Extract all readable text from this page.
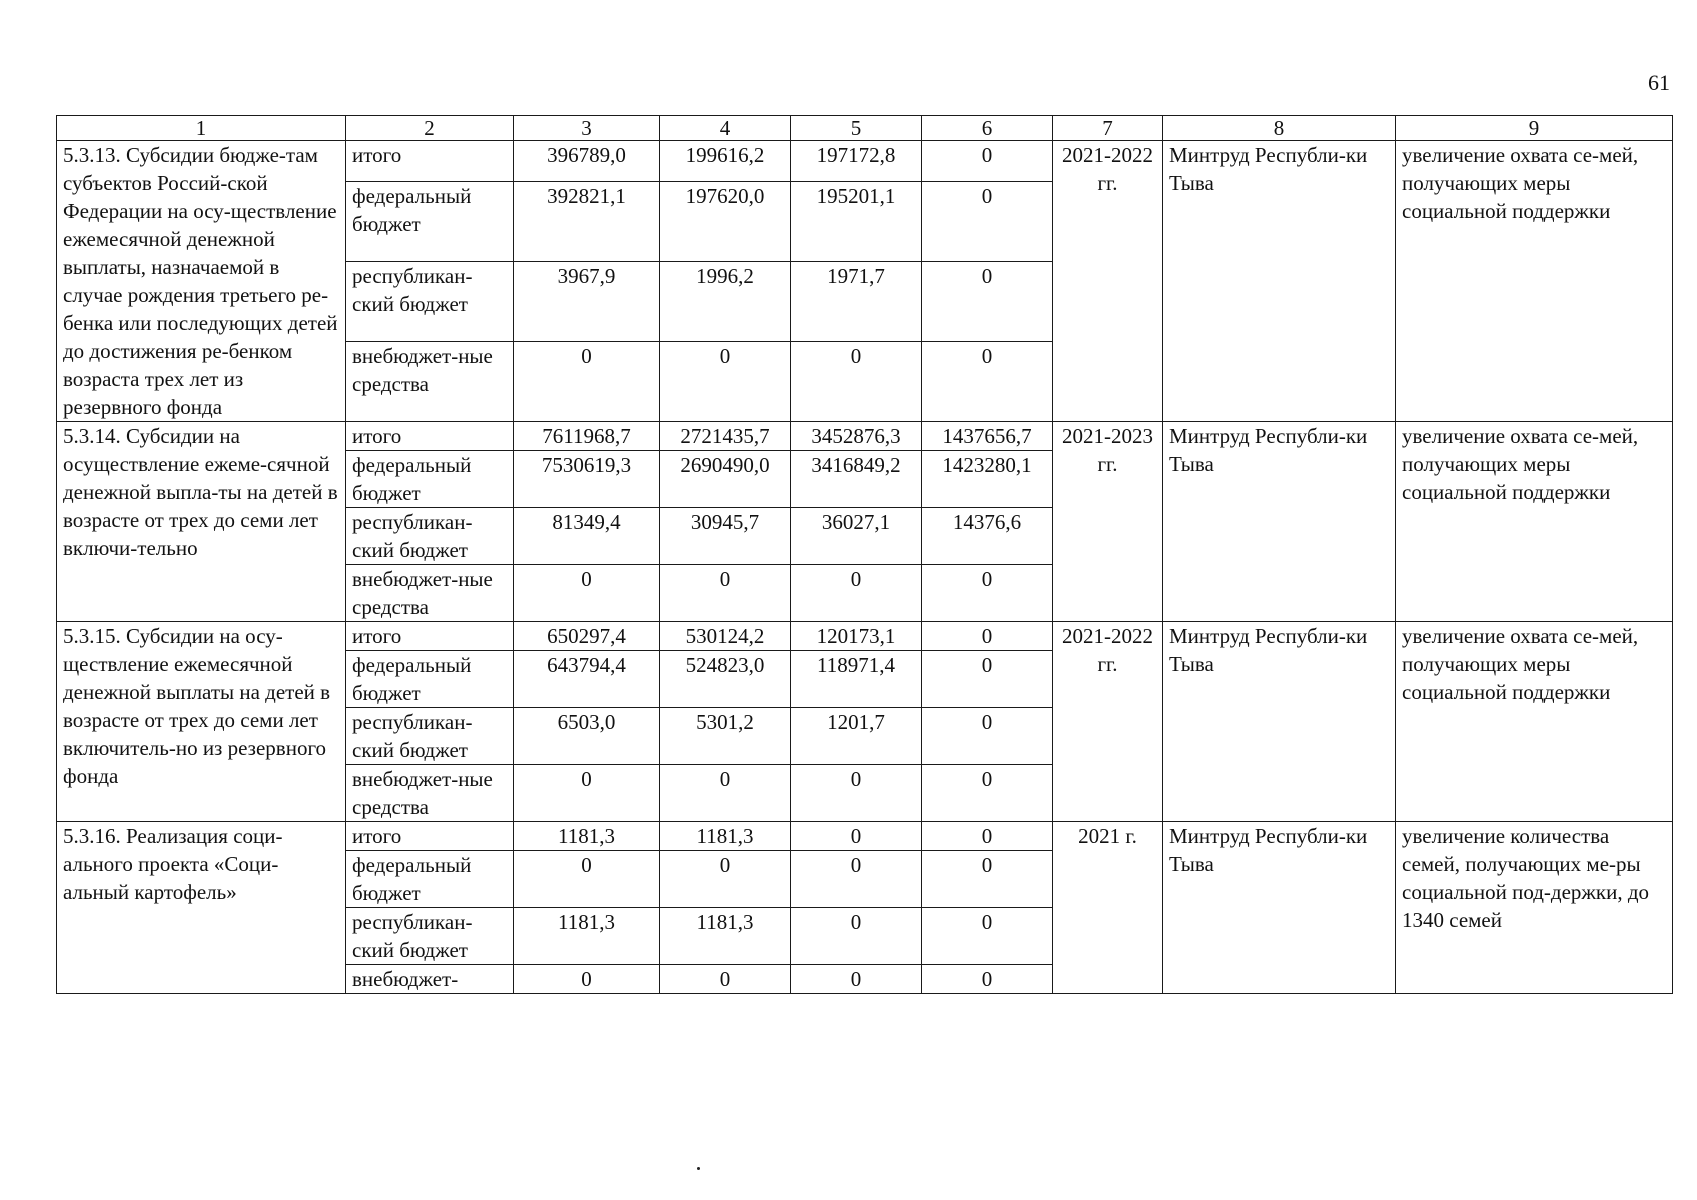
61
1	2	3	4	5	6	7	8	9
5.3.13. Субсидии бюдже-там субъектов Россий-ской Федерации на осу-ществление ежемесячной денежной выплаты, назначаемой в случае рождения третьего ре-бенка или последующих детей до достижения ре-бенком возраста трех лет из резервного фонда	итого	396789,0	199616,2	197172,8	0	2021-2022 гг.	Минтруд Республи-ки Тыва	увеличение охвата се-мей, получающих меры социальной поддержки
	федеральный бюджет	392821,1	197620,0	195201,1	0			
	республикан-ский бюджет	3967,9	1996,2	1971,7	0			
	внебюджет-ные средства	0	0	0	0			
5.3.14. Субсидии на осуществление ежеме-сячной денежной выпла-ты на детей в возрасте от трех до семи лет включи-тельно	итого	7611968,7	2721435,7	3452876,3	1437656,7	2021-2023 гг.	Минтруд Республи-ки Тыва	увеличение охвата се-мей, получающих меры социальной поддержки
	федеральный бюджет	7530619,3	2690490,0	3416849,2	1423280,1			
	республикан-ский бюджет	81349,4	30945,7	36027,1	14376,6			
	внебюджет-ные средства	0	0	0	0			
5.3.15. Субсидии на осу-ществление ежемесячной денежной выплаты на детей в возрасте от трех до семи лет включитель-но из резервного фонда	итого	650297,4	530124,2	120173,1	0	2021-2022 гг.	Минтруд Республи-ки Тыва	увеличение охвата се-мей, получающих меры социальной поддержки
	федеральный бюджет	643794,4	524823,0	118971,4	0			
	республикан-ский бюджет	6503,0	5301,2	1201,7	0			
	внебюджет-ные средства	0	0	0	0			
5.3.16. Реализация соци-ального проекта «Соци-альный картофель»	итого	1181,3	1181,3	0	0	2021 г.	Минтруд Республи-ки Тыва	увеличение количества семей, получающих ме-ры социальной под-держки, до 1340 семей
	федеральный бюджет	0	0	0	0			
	республикан-ский бюджет	1181,3	1181,3	0	0			
	внебюджет-	0	0	0	0			
